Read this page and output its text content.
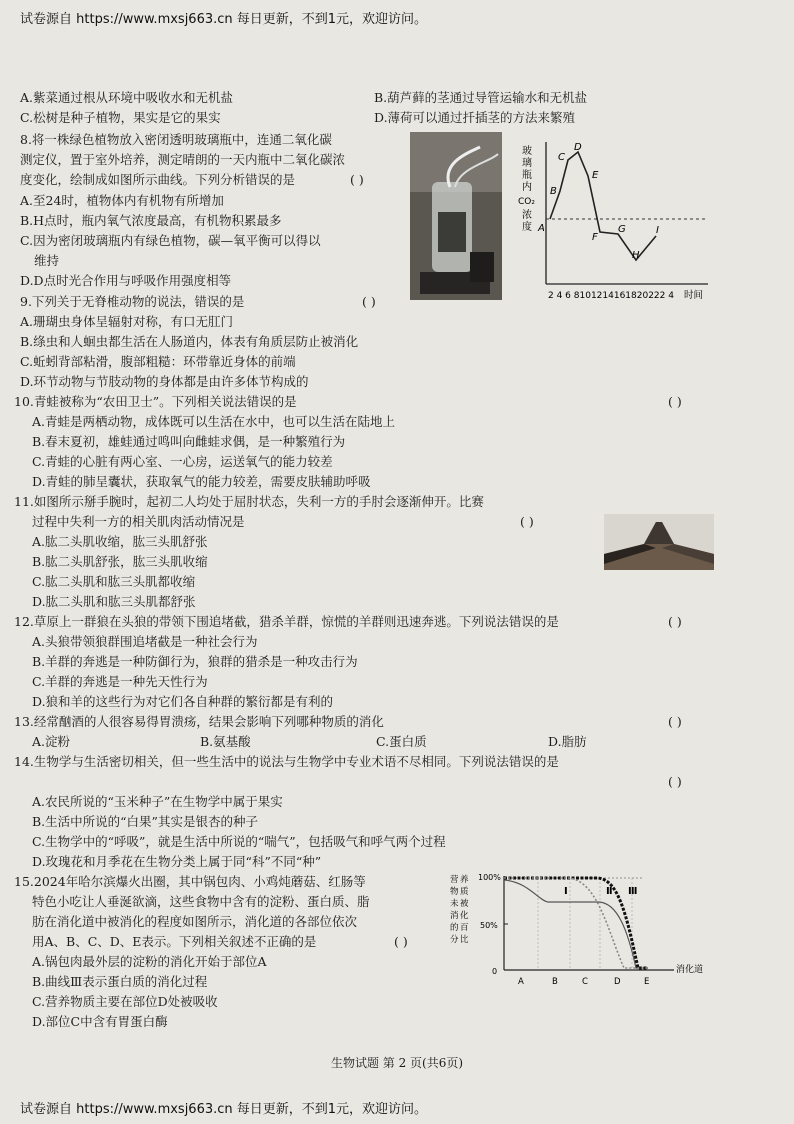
试卷源自 https://www.mxsj663.cn 每日更新，不到1元，欢迎访问。
A.紫菜通过根从环境中吸收水和无机盐	B.葫芦藓的茎通过导管运输水和无机盐
C.松树是种子植物，果实是它的果实	D.薄荷可以通过扦插茎的方法来繁殖
8.将一株绿色植物放入密闭透明玻璃瓶中，连通二氧化碳
测定仪，置于室外培养，测定晴朗的一天内瓶中二氧化碳浓
度变化，绘制成如图所示曲线。下列分析错误的是	( )
A.至24时，植物体内有机物有所增加
B.H点时，瓶内氧气浓度最高，有机物积累最多
C.因为密闭玻璃瓶内有绿色植物，碳—氧平衡可以得以
维持
D.D点时光合作用与呼吸作用强度相等
玻
璃
瓶
内
CO₂
浓
度 A
B
C
D
E
F
G
H
I
2 4 6 8101214161820222 4 时间
9.下列关于无脊椎动物的说法，错误的是	( )
A.珊瑚虫身体呈辐射对称，有口无肛门
B.绦虫和人蛔虫都生活在人肠道内，体表有角质层防止被消化
C.蚯蚓背部粘滑，腹部粗糙：环带靠近身体的前端
D.环节动物与节肢动物的身体都是由许多体节构成的
10.青蛙被称为“农田卫士”。下列相关说法错误的是	( )
A.青蛙是两栖动物，成体既可以生活在水中，也可以生活在陆地上
B.春末夏初，雄蛙通过鸣叫向雌蛙求偶，是一种繁殖行为
C.青蛙的心脏有两心室、一心房，运送氧气的能力较差
D.青蛙的肺呈囊状，获取氧气的能力较差，需要皮肤辅助呼吸
11.如图所示掰手腕时，起初二人均处于屈肘状态，失利一方的手肘会逐渐伸开。比赛
过程中失利一方的相关肌肉活动情况是	( )
A.肱二头肌收缩，肱三头肌舒张
B.肱二头肌舒张，肱三头肌收缩
C.肱二头肌和肱三头肌都收缩
D.肱二头肌和肱三头肌都舒张
12.草原上一群狼在头狼的带领下围追堵截，猎杀羊群，惊慌的羊群则迅速奔逃。下列说法错误的是	( )
A.头狼带领狼群围追堵截是一种社会行为
B.羊群的奔逃是一种防御行为，狼群的猎杀是一种攻击行为
C.羊群的奔逃是一种先天性行为
D.狼和羊的这些行为对它们各自种群的繁衍都是有利的
13.经常酗酒的人很容易得胃溃疡，结果会影响下列哪种物质的消化	( )
A.淀粉	B.氨基酸	C.蛋白质	D.脂肪
14.生物学与生活密切相关，但一些生活中的说法与生物学中专业术语不尽相同。下列说法错误的是
( )
A.农民所说的“玉米种子”在生物学中属于果实
B.生活中所说的“白果”其实是银杏的种子
C.生物学中的“呼吸”，就是生活中所说的“喘气”，包括吸气和呼气两个过程
D.玫瑰花和月季花在生物分类上属于同“科”不同“种”
15.2024年哈尔滨爆火出圈，其中锅包肉、小鸡炖蘑菇、红肠等
特色小吃让人垂涎欲滴，这些食物中含有的淀粉、蛋白质、脂
肪在消化道中被消化的程度如图所示，消化道的各部位依次
用A、B、C、D、E表示。下列相关叙述不正确的是	( )
A.锅包肉最外层的淀粉的消化开始于部位A
B.曲线Ⅲ表示蛋白质的消化过程
C.营养物质主要在部位D处被吸收
D.部位C中含有胃蛋白酶
营 养
物 质
未 被
消 化
的 百
分 比
100%
50%
0
Ⅰ	Ⅱ Ⅲ
A	B	C	D	E
消化道
生物试题 第 2 页(共6页)
试卷源自 https://www.mxsj663.cn 每日更新，不到1元，欢迎访问。
